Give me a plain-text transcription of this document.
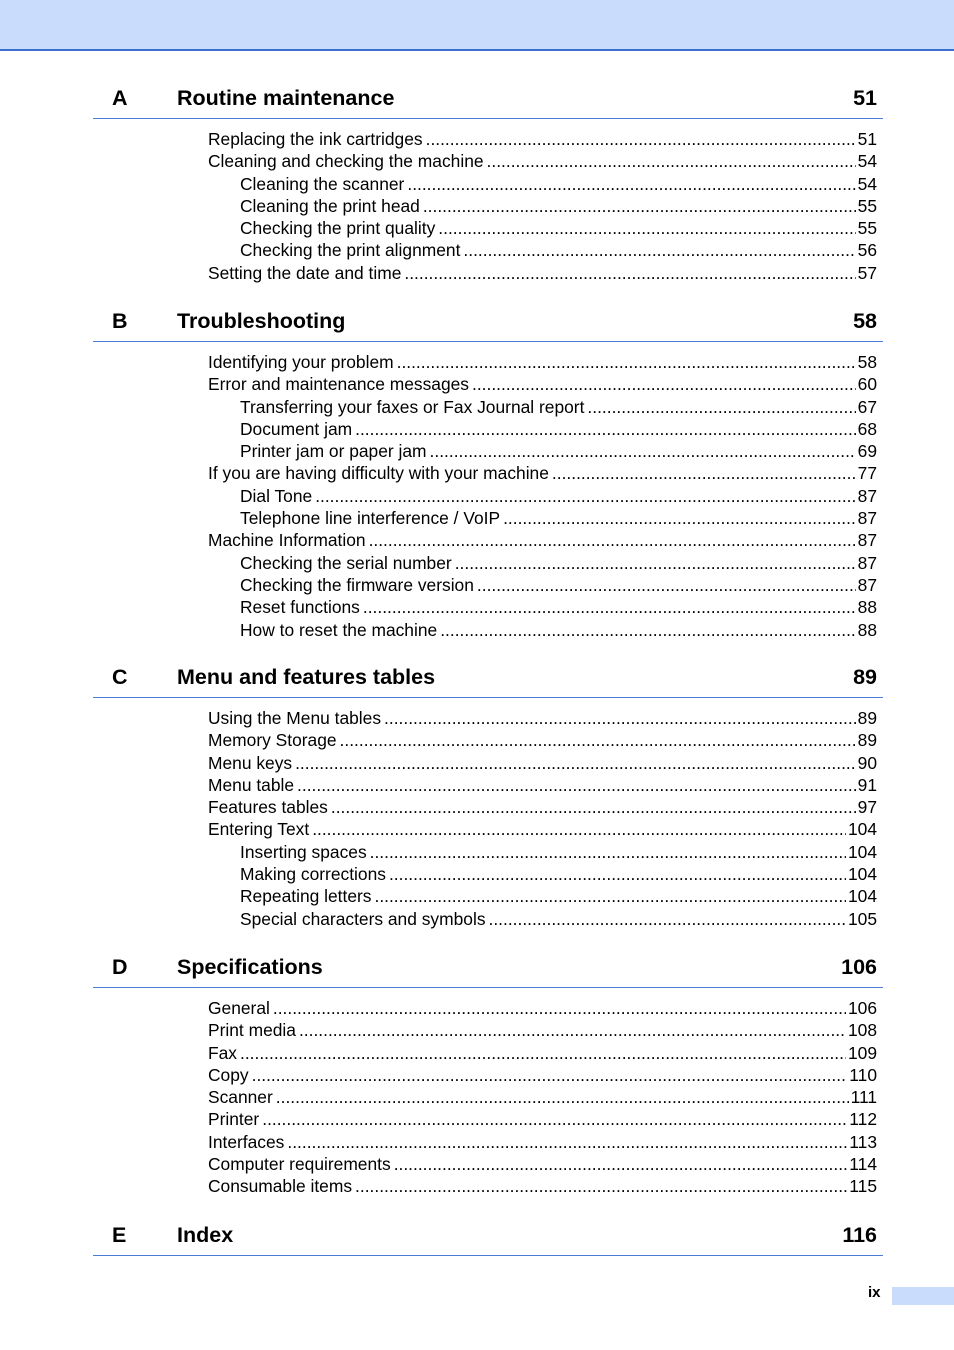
A Routine maintenance	51
Replacing the ink cartridges .....	51
Cleaning and checking the machine .....	54
Cleaning the scanner .....	54
Cleaning the print head .....	55
Checking the print quality .....	55
Checking the print alignment .....	56
Setting the date and time .....	57
B Troubleshooting	58
Identifying your problem .....	58
Error and maintenance messages .....	60
Transferring your faxes or Fax Journal report .....	67
Document jam .....	68
Printer jam or paper jam .....	69
If you are having difficulty with your machine .....	77
Dial Tone .....	87
Telephone line interference / VoIP .....	87
Machine Information .....	87
Checking the serial number .....	87
Checking the firmware version .....	87
Reset functions .....	88
How to reset the machine .....	88
C Menu and features tables	89
Using the Menu tables .....	89
Memory Storage .....	89
Menu keys .....	90
Menu table .....	91
Features tables .....	97
Entering Text .....	104
Inserting spaces .....	104
Making corrections .....	104
Repeating letters .....	104
Special characters and symbols .....	105
D Specifications	106
General .....	106
Print media .....	108
Fax .....	109
Copy .....	110
Scanner .....	111
Printer .....	112
Interfaces .....	113
Computer requirements .....	114
Consumable items .....	115
E Index	116
ix
